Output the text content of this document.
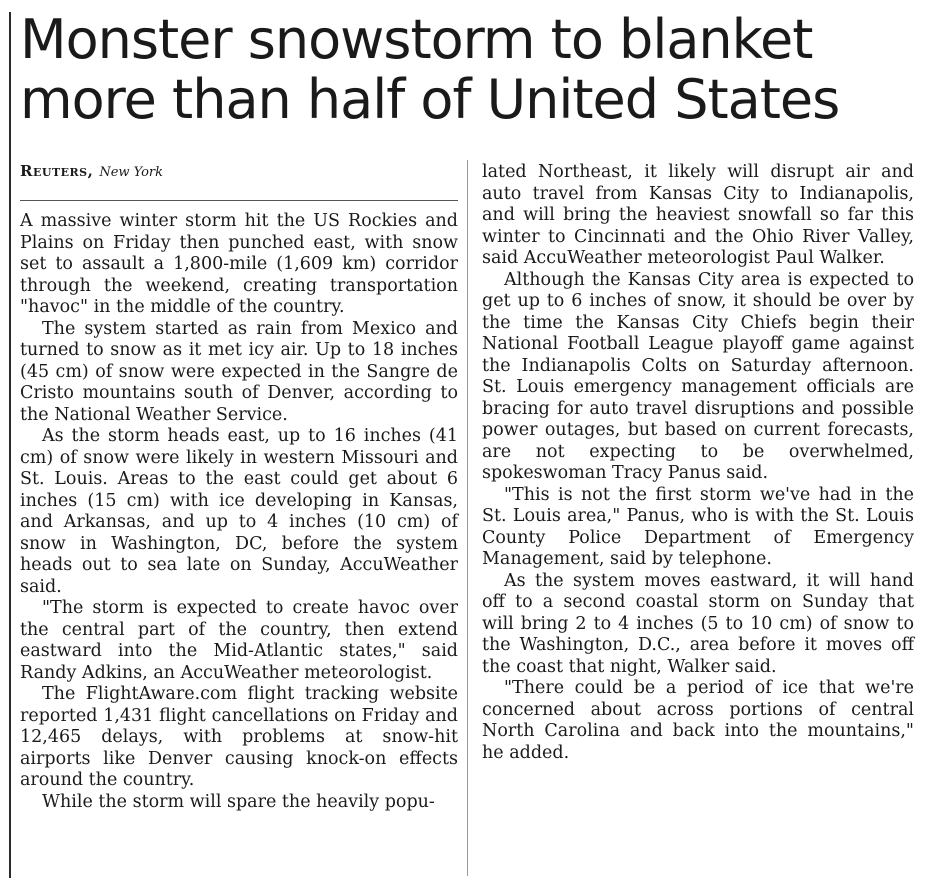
Monster snowstorm to blanket more than half of United States
Reuters, New York

A massive winter storm hit the US Rockies and Plains on Friday then punched east, with snow set to assault a 1,800-mile (1,609 km) corridor through the weekend, creating transportation "havoc" in the middle of the country.

The system started as rain from Mexico and turned to snow as it met icy air. Up to 18 inches (45 cm) of snow were expected in the Sangre de Cristo mountains south of Denver, according to the National Weather Service.

As the storm heads east, up to 16 inches (41 cm) of snow were likely in western Missouri and St. Louis. Areas to the east could get about 6 inches (15 cm) with ice developing in Kansas, and Arkansas, and up to 4 inches (10 cm) of snow in Washington, DC, before the system heads out to sea late on Sunday, AccuWeather said.

"The storm is expected to create havoc over the central part of the country, then extend eastward into the Mid-Atlantic states," said Randy Adkins, an AccuWeather meteorologist.

The FlightAware.com flight tracking website reported 1,431 flight cancellations on Friday and 12,465 delays, with problems at snow-hit airports like Denver causing knock-on effects around the country.

While the storm will spare the heavily popu-

lated Northeast, it likely will disrupt air and auto travel from Kansas City to Indianapolis, and will bring the heaviest snowfall so far this winter to Cincinnati and the Ohio River Valley, said AccuWeather meteorologist Paul Walker.

Although the Kansas City area is expected to get up to 6 inches of snow, it should be over by the time the Kansas City Chiefs begin their National Football League playoff game against the Indianapolis Colts on Saturday afternoon. St. Louis emergency management officials are bracing for auto travel disruptions and possible power outages, but based on current forecasts, are not expecting to be overwhelmed, spokeswoman Tracy Panus said.

"This is not the first storm we've had in the St. Louis area," Panus, who is with the St. Louis County Police Department of Emergency Management, said by telephone.

As the system moves eastward, it will hand off to a second coastal storm on Sunday that will bring 2 to 4 inches (5 to 10 cm) of snow to the Washington, D.C., area before it moves off the coast that night, Walker said.

"There could be a period of ice that we're concerned about across portions of central North Carolina and back into the mountains," he added.
